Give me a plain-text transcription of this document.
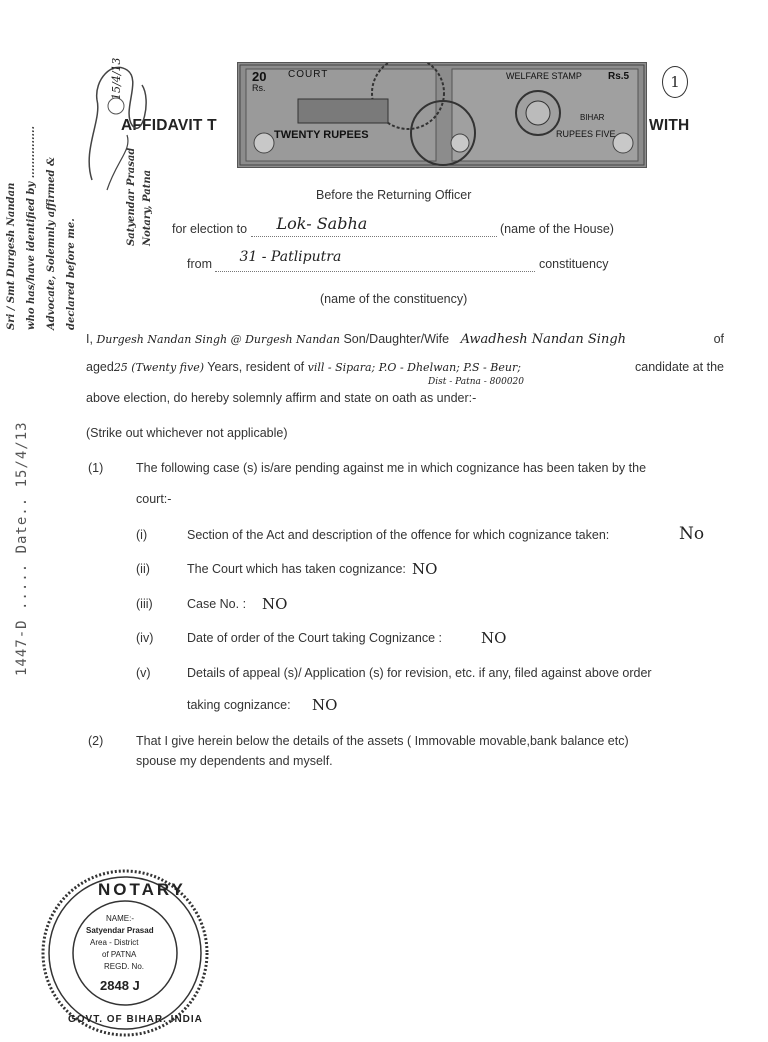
1
AFFIDAVIT T	WITH
20
Rs.
COURT
TWENTY RUPEES
WELFARE STAMP	Rs.5
RUPEES FIVE
BIHAR
Before the Returning Officer
for election to Lok- Sabha	(name of the House)
from 31 - Patliputra	constituency
(name of the constituency)
I, Durgesh Nandan Singh @ Durgesh Nandan Son/Daughter/Wife Awadhesh Nandan Singh	of
aged25 (Twenty five) Years, resident of vill - Sipara; P.O - Dhelwan; P.S - Beur;	candidate at the
Dist - Patna - 800020
above election, do hereby solemnly affirm and state on oath as under:-
(Strike out whichever not applicable)
(1)	The following case (s) is/are pending against me in which cognizance has been taken by the
court:-
(i)	Section of the Act and description of the offence for which cognizance taken:	No
(ii)	The Court which has taken cognizance: NO
(iii)	Case No. : NO
(iv)	Date of order of the Court taking Cognizance :	NO
(v)	Details of appeal (s)/ Application (s) for revision, etc. if any, filed against above order
taking cognizance: NO
(2)	That I give herein below the details of the assets ( Immovable movable,bank balance etc)
spouse my dependents and myself.
Sri / Smt Durgesh Nandan who has/have identified by ............... Advocate, Solemnly affirmed & declared before me.
Satyendar Prasad Notary, Patna
15/4/13
1447-D ..... Date.. 15/4/13
NOTARY
NAME:-
Satyendar Prasad
Area - District
of PATNA
REGD. No.
2848 J
GOVT. OF BIHAR. INDIA
